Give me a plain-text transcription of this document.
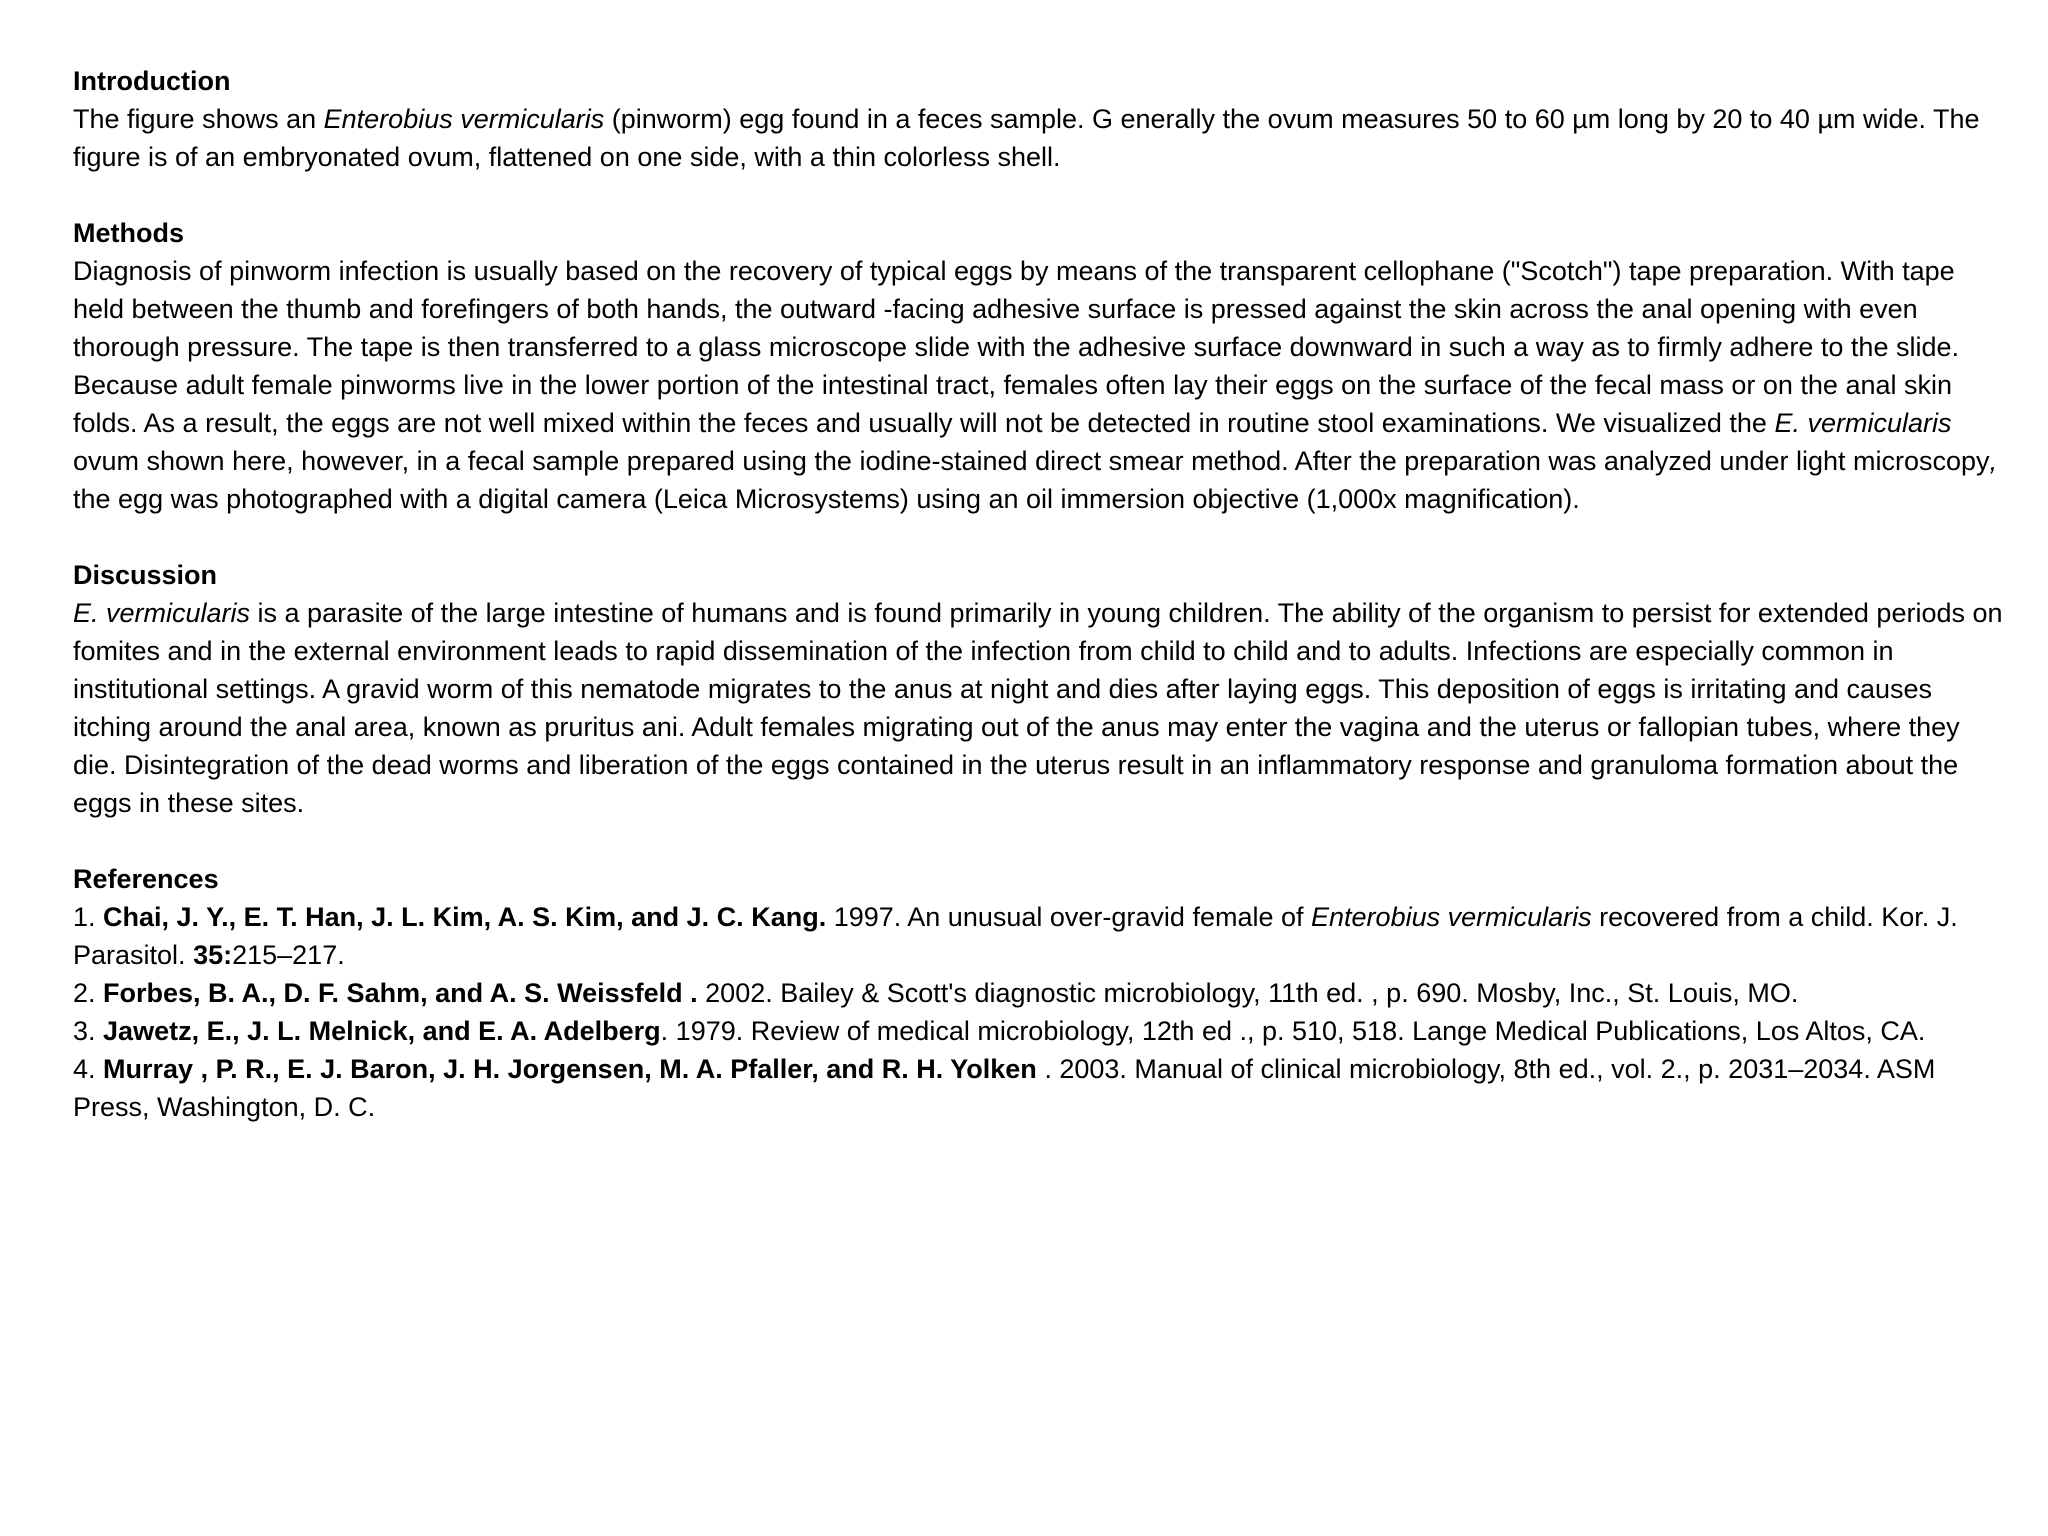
Introduction

The figure shows an Enterobius vermicularis (pinworm) egg found in a feces sample. G enerally the ovum measures 50 to 60 µm long by 20 to 40 µm wide. The figure is of an embryonated ovum, flattened on one side, with a thin colorless shell.

Methods

Diagnosis of pinworm infection is usually based on the recovery of typical eggs by means of the transparent cellophane ("Scotch") tape preparation. With tape held between the thumb and forefingers of both hands, the outward -facing adhesive surface is pressed against the skin across the anal opening with even thorough pressure. The tape is then transferred to a glass microscope slide with the adhesive surface downward in such a way as to firmly adhere to the slide. Because adult female pinworms live in the lower portion of the intestinal tract, females often lay their eggs on the surface of the fecal mass or on the anal skin folds. As a result, the eggs are not well mixed within the feces and usually will not be detected in routine stool examinations. We visualized the E. vermicularis ovum shown here, however, in a fecal sample prepared using the iodine-stained direct smear method. After the preparation was analyzed under light microscopy, the egg was photographed with a digital camera (Leica Microsystems) using an oil immersion objective (1,000x magnification).

Discussion

E. vermicularis is a parasite of the large intestine of humans and is found primarily in young children. The ability of the organism to persist for extended periods on fomites and in the external environment leads to rapid dissemination of the infection from child to child and to adults. Infections are especially common in institutional settings. A gravid worm of this nematode migrates to the anus at night and dies after laying eggs. This deposition of eggs is irritating and causes itching around the anal area, known as pruritus ani. Adult females migrating out of the anus may enter the vagina and the uterus or fallopian tubes, where they die. Disintegration of the dead worms and liberation of the eggs contained in the uterus result in an inflammatory response and granuloma formation about the eggs in these sites.

References

1. Chai, J. Y., E. T. Han, J. L. Kim, A. S. Kim, and J. C. Kang. 1997. An unusual over-gravid female of Enterobius vermicularis recovered from a child. Kor. J. Parasitol. 35:215–217.

2. Forbes, B. A., D. F. Sahm, and A. S. Weissfeld . 2002. Bailey & Scott's diagnostic microbiology, 11th ed. , p. 690. Mosby, Inc., St. Louis, MO.

3. Jawetz, E., J. L. Melnick, and E. A. Adelberg. 1979. Review of medical microbiology, 12th ed ., p. 510, 518. Lange Medical Publications, Los Altos, CA.

4. Murray , P. R., E. J. Baron, J. H. Jorgensen, M. A. Pfaller, and R. H. Yolken . 2003. Manual of clinical microbiology, 8th ed., vol. 2., p. 2031–2034. ASM Press, Washington, D. C.
